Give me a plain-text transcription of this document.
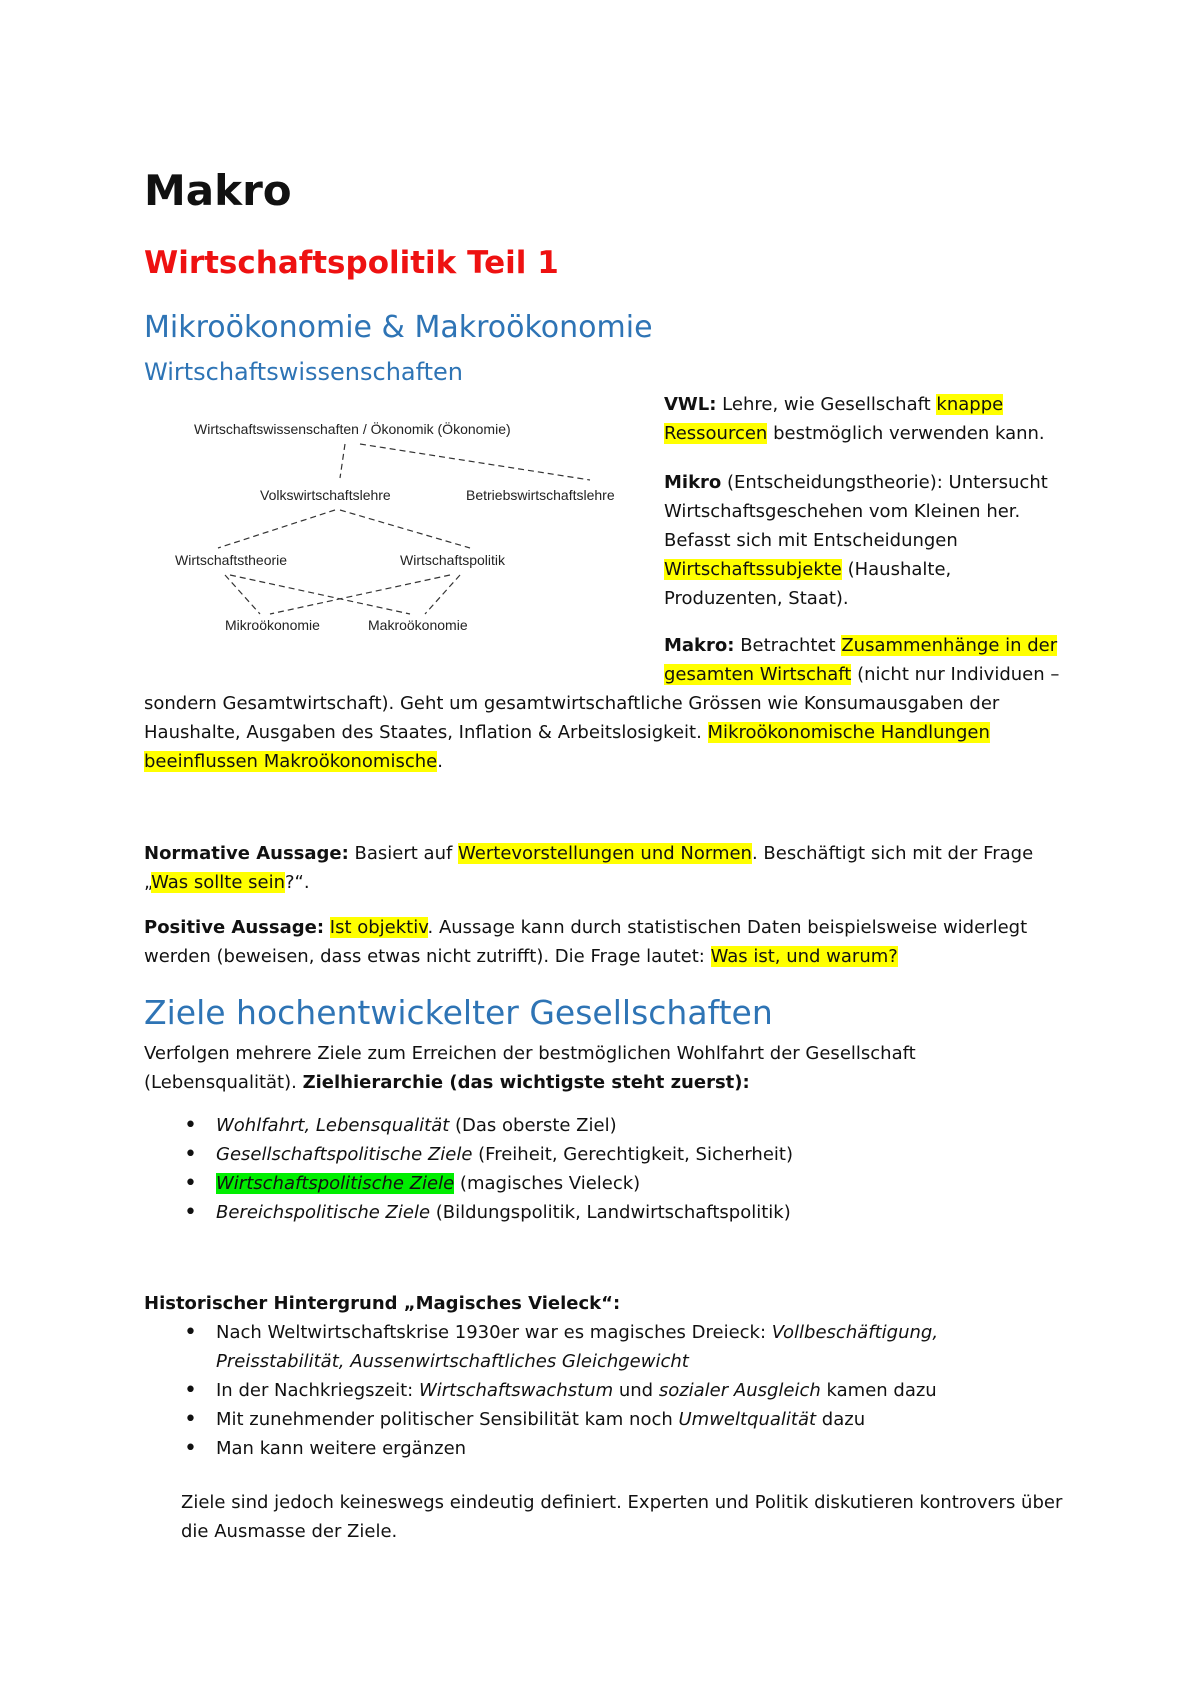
Makro
Wirtschaftspolitik Teil 1
Mikroökonomie & Makroökonomie
Wirtschaftswissenschaften
Wirtschaftswissenschaften / Ökonomik (Ökonomie)
Volkswirtschaftslehre	Betriebswirtschaftslehre
Wirtschaftstheorie	Wirtschaftspolitik
Mikroökonomie	Makroökonomie
VWL: Lehre, wie Gesellschaft knappe
Ressourcen bestmöglich verwenden kann.
Mikro (Entscheidungstheorie): Untersucht
Wirtschaftsgeschehen vom Kleinen her.
Befasst sich mit Entscheidungen
Wirtschaftssubjekte (Haushalte,
Produzenten, Staat).
Makro: Betrachtet Zusammenhänge in der
gesamten Wirtschaft (nicht nur Individuen –
sondern Gesamtwirtschaft). Geht um gesamtwirtschaftliche Grössen wie Konsumausgaben der
Haushalte, Ausgaben des Staates, Inflation & Arbeitslosigkeit. Mikroökonomische Handlungen
beeinflussen Makroökonomische.
Normative Aussage: Basiert auf Wertevorstellungen und Normen. Beschäftigt sich mit der Frage
„Was sollte sein?“.
Positive Aussage: Ist objektiv. Aussage kann durch statistischen Daten beispielsweise widerlegt
werden (beweisen, dass etwas nicht zutrifft). Die Frage lautet: Was ist, und warum?
Ziele hochentwickelter Gesellschaften
Verfolgen mehrere Ziele zum Erreichen der bestmöglichen Wohlfahrt der Gesellschaft
(Lebensqualität). Zielhierarchie (das wichtigste steht zuerst):
• Wohlfahrt, Lebensqualität (Das oberste Ziel)
• Gesellschaftspolitische Ziele (Freiheit, Gerechtigkeit, Sicherheit)
• Wirtschaftspolitische Ziele (magisches Vieleck)
• Bereichspolitische Ziele (Bildungspolitik, Landwirtschaftspolitik)
Historischer Hintergrund „Magisches Vieleck“:
• Nach Weltwirtschaftskrise 1930er war es magisches Dreieck: Vollbeschäftigung,
Preisstabilität, Aussenwirtschaftliches Gleichgewicht
• In der Nachkriegszeit: Wirtschaftswachstum und sozialer Ausgleich kamen dazu
• Mit zunehmender politischer Sensibilität kam noch Umweltqualität dazu
• Man kann weitere ergänzen
Ziele sind jedoch keineswegs eindeutig definiert. Experten und Politik diskutieren kontrovers über
die Ausmasse der Ziele.
